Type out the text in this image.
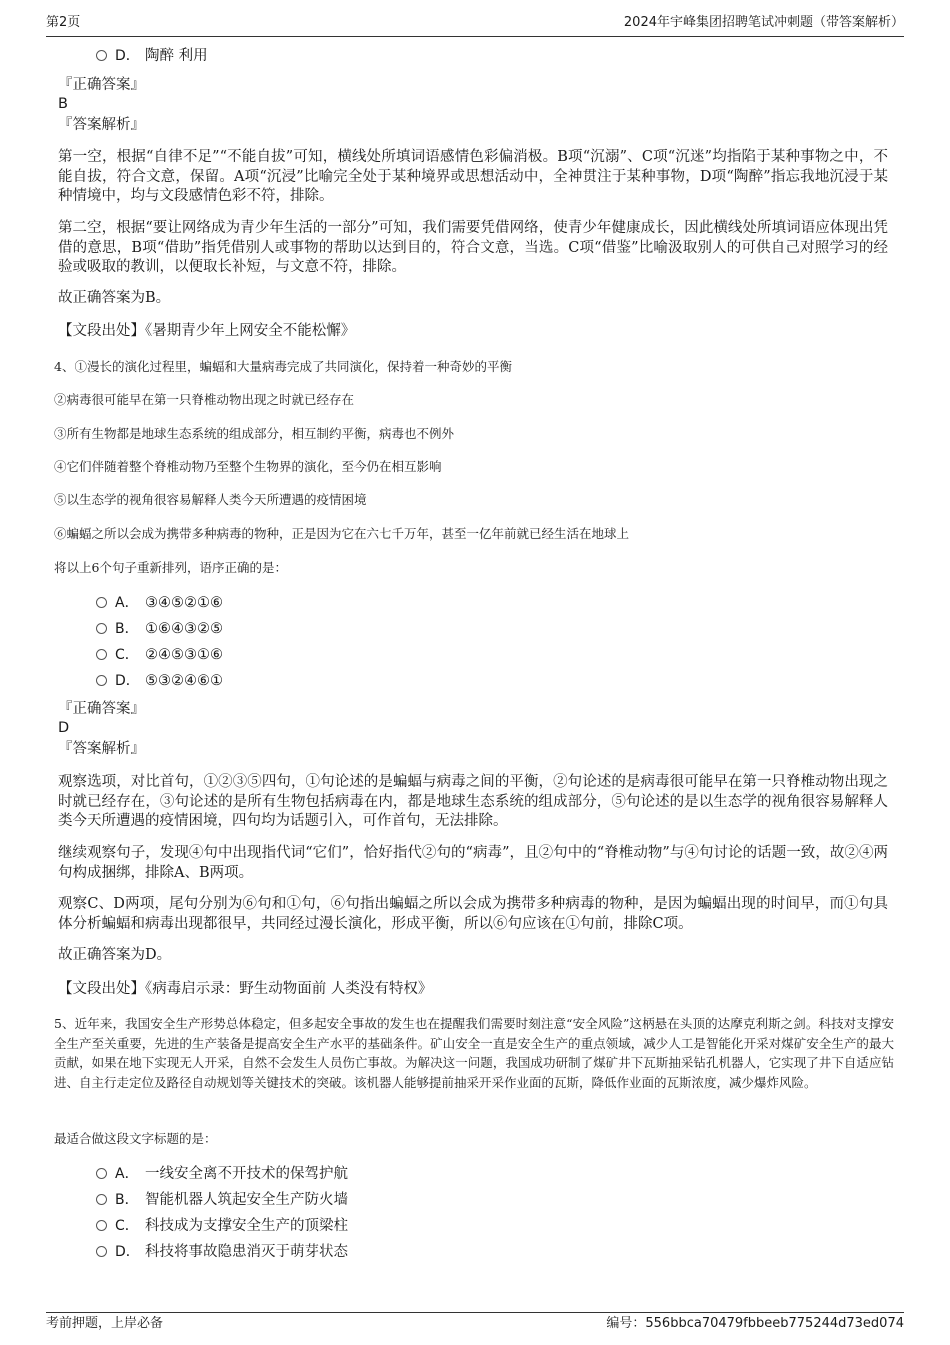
第2页	2024年宇峰集团招聘笔试冲刺题（带答案解析）
D． 陶醉 利用
『正确答案』
B
『答案解析』
第一空，根据“自律不足”“不能自拔”可知，横线处所填词语感情色彩偏消极。B项“沉溺”、C项“沉迷”均指陷于某种事物之中，不能自拔，符合文意，保留。A项“沉浸”比喻完全处于某种境界或思想活动中，全神贯注于某种事物，D项“陶醉”指忘我地沉浸于某种情境中，均与文段感情色彩不符，排除。
第二空，根据“要让网络成为青少年生活的一部分”可知，我们需要凭借网络，使青少年健康成长，因此横线处所填词语应体现出凭借的意思，B项“借助”指凭借别人或事物的帮助以达到目的，符合文意，当选。C项“借鉴”比喻汲取别人的可供自己对照学习的经验或吸取的教训，以便取长补短，与文意不符，排除。
故正确答案为B。
【文段出处】《暑期青少年上网安全不能松懈》
4、①漫长的演化过程里，蝙蝠和大量病毒完成了共同演化，保持着一种奇妙的平衡
②病毒很可能早在第一只脊椎动物出现之时就已经存在
③所有生物都是地球生态系统的组成部分，相互制约平衡，病毒也不例外
④它们伴随着整个脊椎动物乃至整个生物界的演化，至今仍在相互影响
⑤以生态学的视角很容易解释人类今天所遭遇的疫情困境
⑥蝙蝠之所以会成为携带多种病毒的物种，正是因为它在六七千万年，甚至一亿年前就已经生活在地球上
将以上6个句子重新排列，语序正确的是：
A． ③④⑤②①⑥
B． ①⑥④③②⑤
C． ②④⑤③①⑥
D． ⑤③②④⑥①
『正确答案』
D
『答案解析』
观察选项，对比首句，①②③⑤四句，①句论述的是蝙蝠与病毒之间的平衡，②句论述的是病毒很可能早在第一只脊椎动物出现之时就已经存在，③句论述的是所有生物包括病毒在内，都是地球生态系统的组成部分，⑤句论述的是以生态学的视角很容易解释人类今天所遭遇的疫情困境，四句均为话题引入，可作首句，无法排除。
继续观察句子，发现④句中出现指代词“它们”，恰好指代②句的“病毒”，且②句中的“脊椎动物”与④句讨论的话题一致，故②④两句构成捆绑，排除A、B两项。
观察C、D两项，尾句分别为⑥句和①句，⑥句指出蝙蝠之所以会成为携带多种病毒的物种，是因为蝙蝠出现的时间早，而①句具体分析蝙蝠和病毒出现都很早，共同经过漫长演化，形成平衡，所以⑥句应该在①句前，排除C项。
故正确答案为D。
【文段出处】《病毒启示录：野生动物面前 人类没有特权》
5、近年来，我国安全生产形势总体稳定，但多起安全事故的发生也在提醒我们需要时刻注意“安全风险”这柄悬在头顶的达摩克利斯之剑。科技对支撑安全生产至关重要，先进的生产装备是提高安全生产水平的基础条件。矿山安全一直是安全生产的重点领域，减少人工是智能化开采对煤矿安全生产的最大贡献，如果在地下实现无人开采，自然不会发生人员伤亡事故。为解决这一问题，我国成功研制了煤矿井下瓦斯抽采钻孔机器人，它实现了井下自适应钻进、自主行走定位及路径自动规划等关键技术的突破。该机器人能够提前抽采开采作业面的瓦斯，降低作业面的瓦斯浓度，减少爆炸风险。
最适合做这段文字标题的是：
A． 一线安全离不开技术的保驾护航
B． 智能机器人筑起安全生产防火墙
C． 科技成为支撑安全生产的顶梁柱
D． 科技将事故隐患消灭于萌芽状态
考前押题，上岸必备	编号：556bbca70479fbbeeb775244d73ed074
